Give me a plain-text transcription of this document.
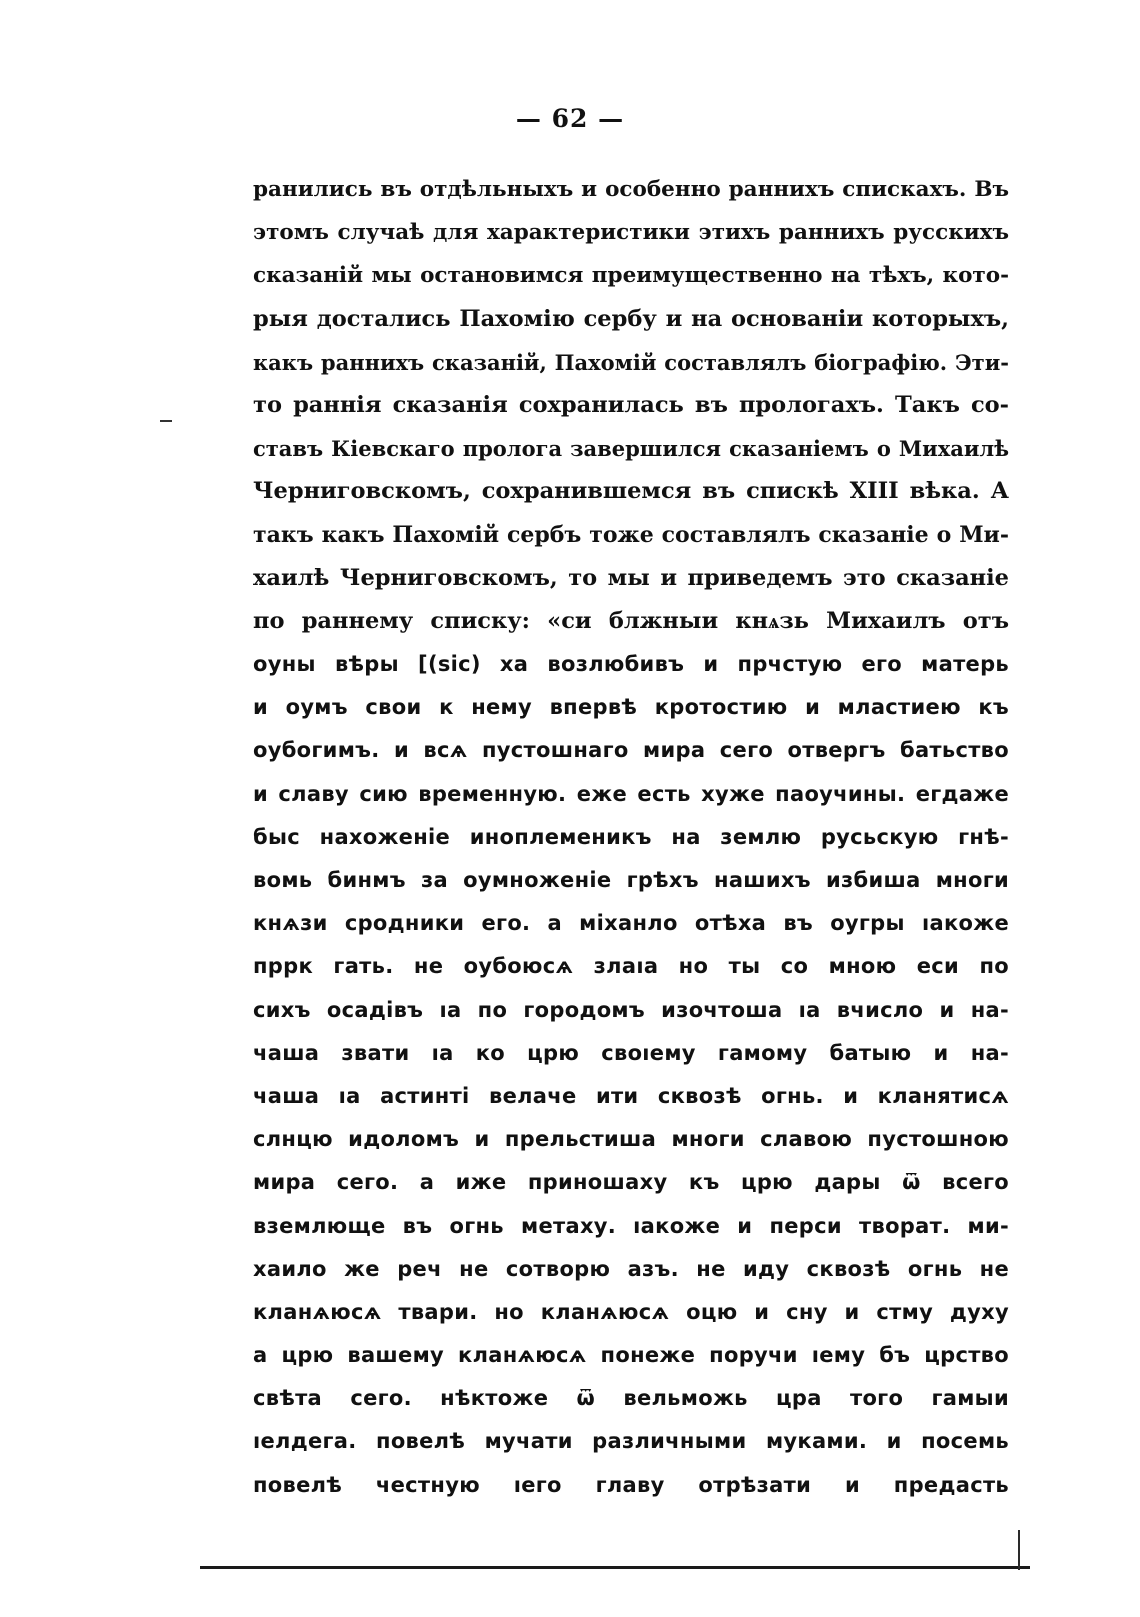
— 62 —
ранились въ отдѣльныхъ и особенно раннихъ спискахъ. Въ
этомъ случаѣ для характеристики этихъ раннихъ русскихъ
сказаній мы остановимся преимущественно на тѣхъ, кото-
рыя достались Пахомію сербу и на основаніи которыхъ,
какъ раннихъ сказаній, Пахомій составлялъ біографію. Эти-
то раннія сказанія сохранилась въ прологахъ. Такъ со-
ставъ Кіевскаго пролога завершился сказаніемъ о Михаилѣ
Черниговскомъ, сохранившемся въ спискѣ XIII вѣка. А
такъ какъ Пахомій сербъ тоже составлялъ сказаніе о Ми-
хаилѣ Черниговскомъ, то мы и приведемъ это сказаніе
по раннему списку: «си блжныи кнѧзь Михаилъ отъ
оуны вѣры [(sic) ха возлюбивъ и прчстую его матерь
и оумъ свои к нему впервѣ кротостию и мластиею къ
оубогимъ. и всѧ пустошнаго мира сего отвергъ батьство
и славу сию временную. еже есть хуже паоучины. егдаже
быс нахоженіе иноплеменикъ на землю русьскую гнѣ-
вомь бинмъ за оумноженіе грѣхъ нашихъ избиша многи
кнѧзи сродники его. а міханло отѣха въ оугры ıакоже
пррк гать. не оубоюсѧ злаıа но ты со мною еси по
сихъ осадівъ ıа по городомъ изочтоша ıа вчисло и на-
чаша звати ıа ко црю своıему гамому батыю и на-
чаша ıа астинті велаче ити сквозѣ огнь. и кланятисѧ
слнцю идоломъ и прельстиша многи славою пустошною
мира сего. а иже приношаху къ црю дары ѿ всего
вземлюще въ огнь метаху. ıакоже и перси творат. ми-
хаило же реч не сотворю азъ. не иду сквозѣ огнь не
кланѧюсѧ твари. но кланѧюсѧ оцю и сну и стму духу
а црю вашему кланѧюсѧ понеже поручи ıему бъ црство
свѣта сего. нѣктоже ѿ вельможь цра того гамыи
ıелдега. повелѣ мучати различными муками. и посемь
повелѣ честную ıего главу отрѣзати и предасть
